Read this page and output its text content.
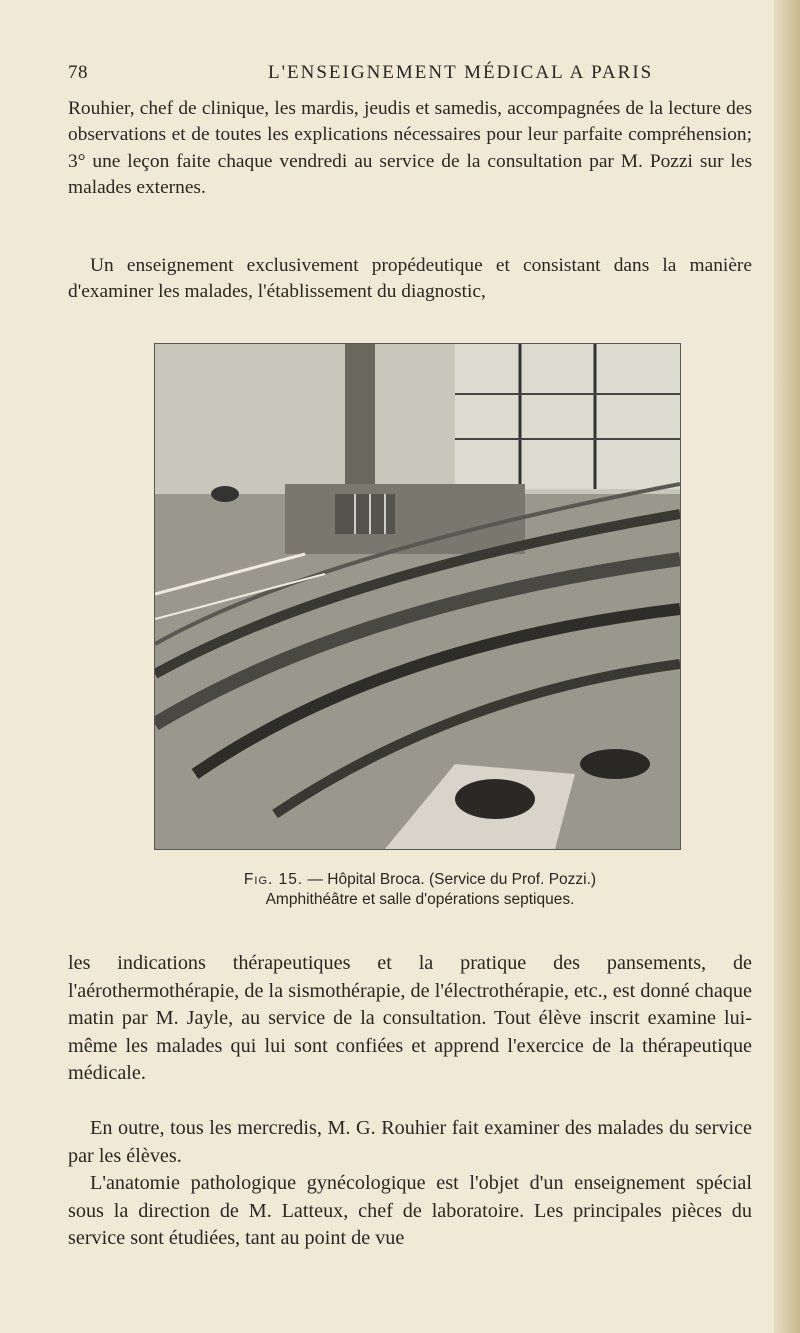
78	L'ENSEIGNEMENT MÉDICAL A PARIS

Rouhier, chef de clinique, les mardis, jeudis et samedis, accompagnées de la lecture des observations et de toutes les explications nécessaires pour leur parfaite compréhension; 3° une leçon faite chaque vendredi au service de la consultation par M. Pozzi sur les malades externes.

Un enseignement exclusivement propédeutique et consistant dans la manière d'examiner les malades, l'établissement du diagnostic,

Fig. 15. — Hôpital Broca. (Service du Prof. Pozzi.)
Amphithéâtre et salle d'opérations septiques.

les indications thérapeutiques et la pratique des pansements, de l'aérothermothérapie, de la sismothérapie, de l'électrothérapie, etc., est donné chaque matin par M. Jayle, au service de la consultation. Tout élève inscrit examine lui-même les malades qui lui sont confiées et apprend l'exercice de la thérapeutique médicale.

En outre, tous les mercredis, M. G. Rouhier fait examiner des malades du service par les élèves.

L'anatomie pathologique gynécologique est l'objet d'un enseignement spécial sous la direction de M. Latteux, chef de laboratoire. Les principales pièces du service sont étudiées, tant au point de vue
